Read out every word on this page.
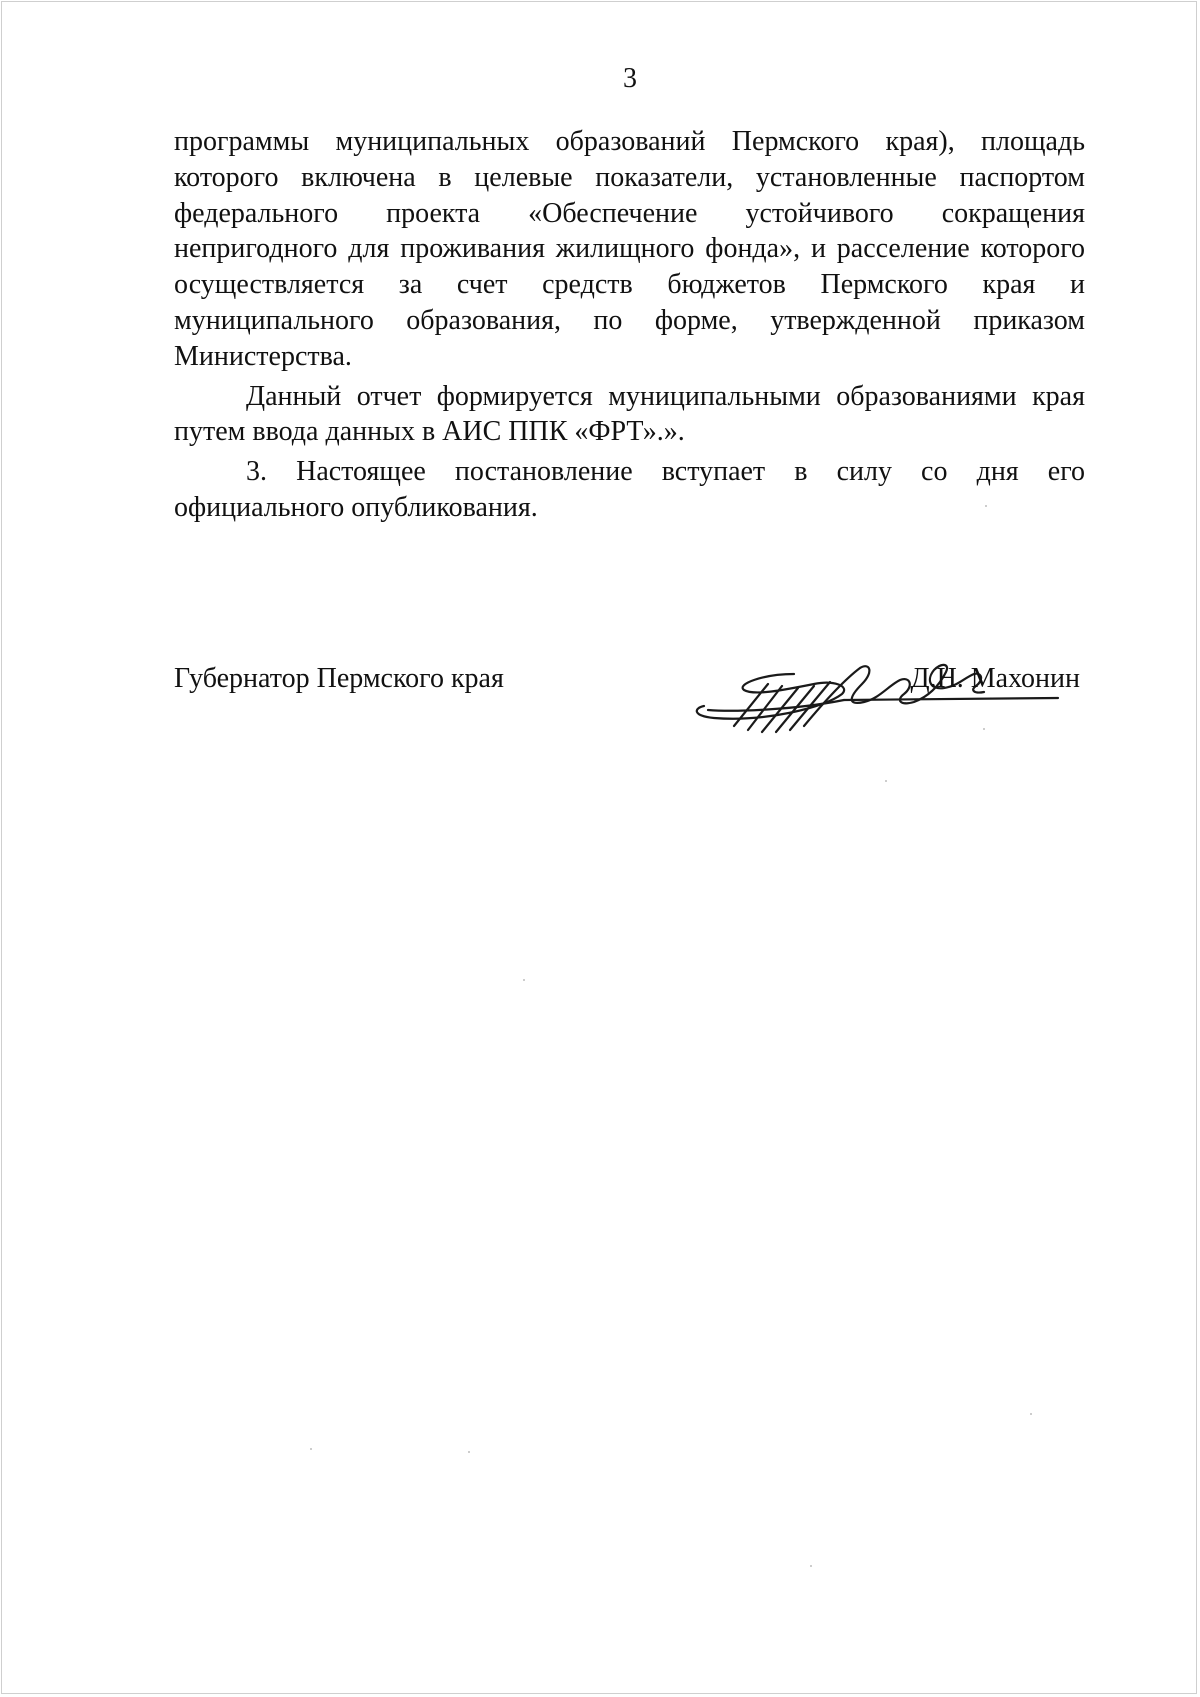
3

программы муниципальных образований Пермского края), площадь которого включена в целевые показатели, установленные паспортом федерального проекта «Обеспечение устойчивого сокращения непригодного для проживания жилищного фонда», и расселение которого осуществляется за счет средств бюджетов Пермского края и муниципального образования, по форме, утвержденной приказом Министерства.

Данный отчет формируется муниципальными образованиями края путем ввода данных в АИС ППК «ФРТ».».

3. Настоящее постановление вступает в силу со дня его официального опубликования.

Губернатор Пермского края	Д.Н. Махонин
